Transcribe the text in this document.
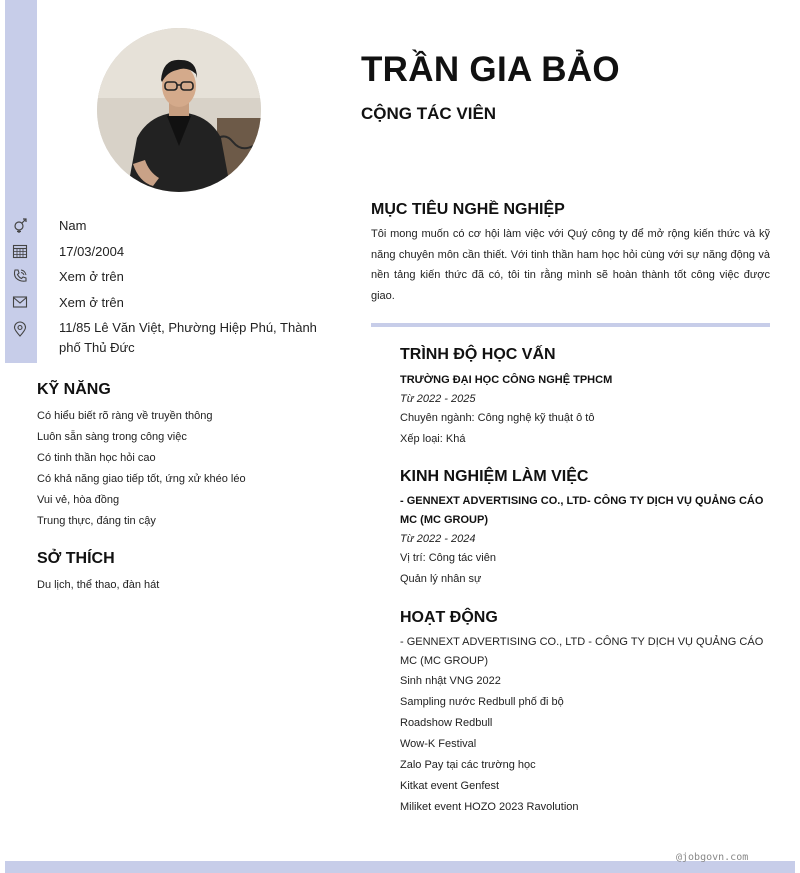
TRẦN GIA BẢO
CỘNG TÁC VIÊN
Nam
17/03/2004
Xem ở trên
Xem ở trên
11/85 Lê Văn Việt, Phường Hiệp Phú, Thành phố Thủ Đức
KỸ NĂNG
Có hiểu biết rõ ràng về truyền thông
Luôn sẵn sàng trong công việc
Có tinh thần học hỏi cao
Có khả năng giao tiếp tốt, ứng xử khéo léo
Vui vẻ, hòa đồng
Trung thực, đáng tin cậy
SỞ THÍCH
Du lịch, thể thao, đàn hát
MỤC TIÊU NGHỀ NGHIỆP
Tôi mong muốn có cơ hội làm việc với Quý công ty để mở rộng kiến thức và kỹ năng chuyên môn cần thiết. Với tinh thần ham học hỏi cùng với sự năng động và nền tảng kiến thức đã có, tôi tin rằng mình sẽ hoàn thành tốt công việc được giao.
TRÌNH ĐỘ HỌC VẤN
TRƯỜNG ĐẠI HỌC CÔNG NGHỆ TPHCM
Từ 2022 - 2025
Chuyên ngành: Công nghệ kỹ thuật ô tô
Xếp loại: Khá
KINH NGHIỆM LÀM VIỆC
- GENNEXT ADVERTISING CO., LTD- CÔNG TY DỊCH VỤ QUẢNG CÁO MC (MC GROUP)
Từ 2022 - 2024
Vị trí: Công tác viên
Quản lý nhân sự
HOẠT ĐỘNG
- GENNEXT ADVERTISING CO., LTD - CÔNG TY DỊCH VỤ QUẢNG CÁO MC (MC GROUP)
Sinh nhật VNG 2022
Sampling nước Redbull phố đi bộ
Roadshow Redbull
Wow-K Festival
Zalo Pay tại các trường học
Kitkat event Genfest
Miliket event HOZO 2023 Ravolution
@jobgovn.com
